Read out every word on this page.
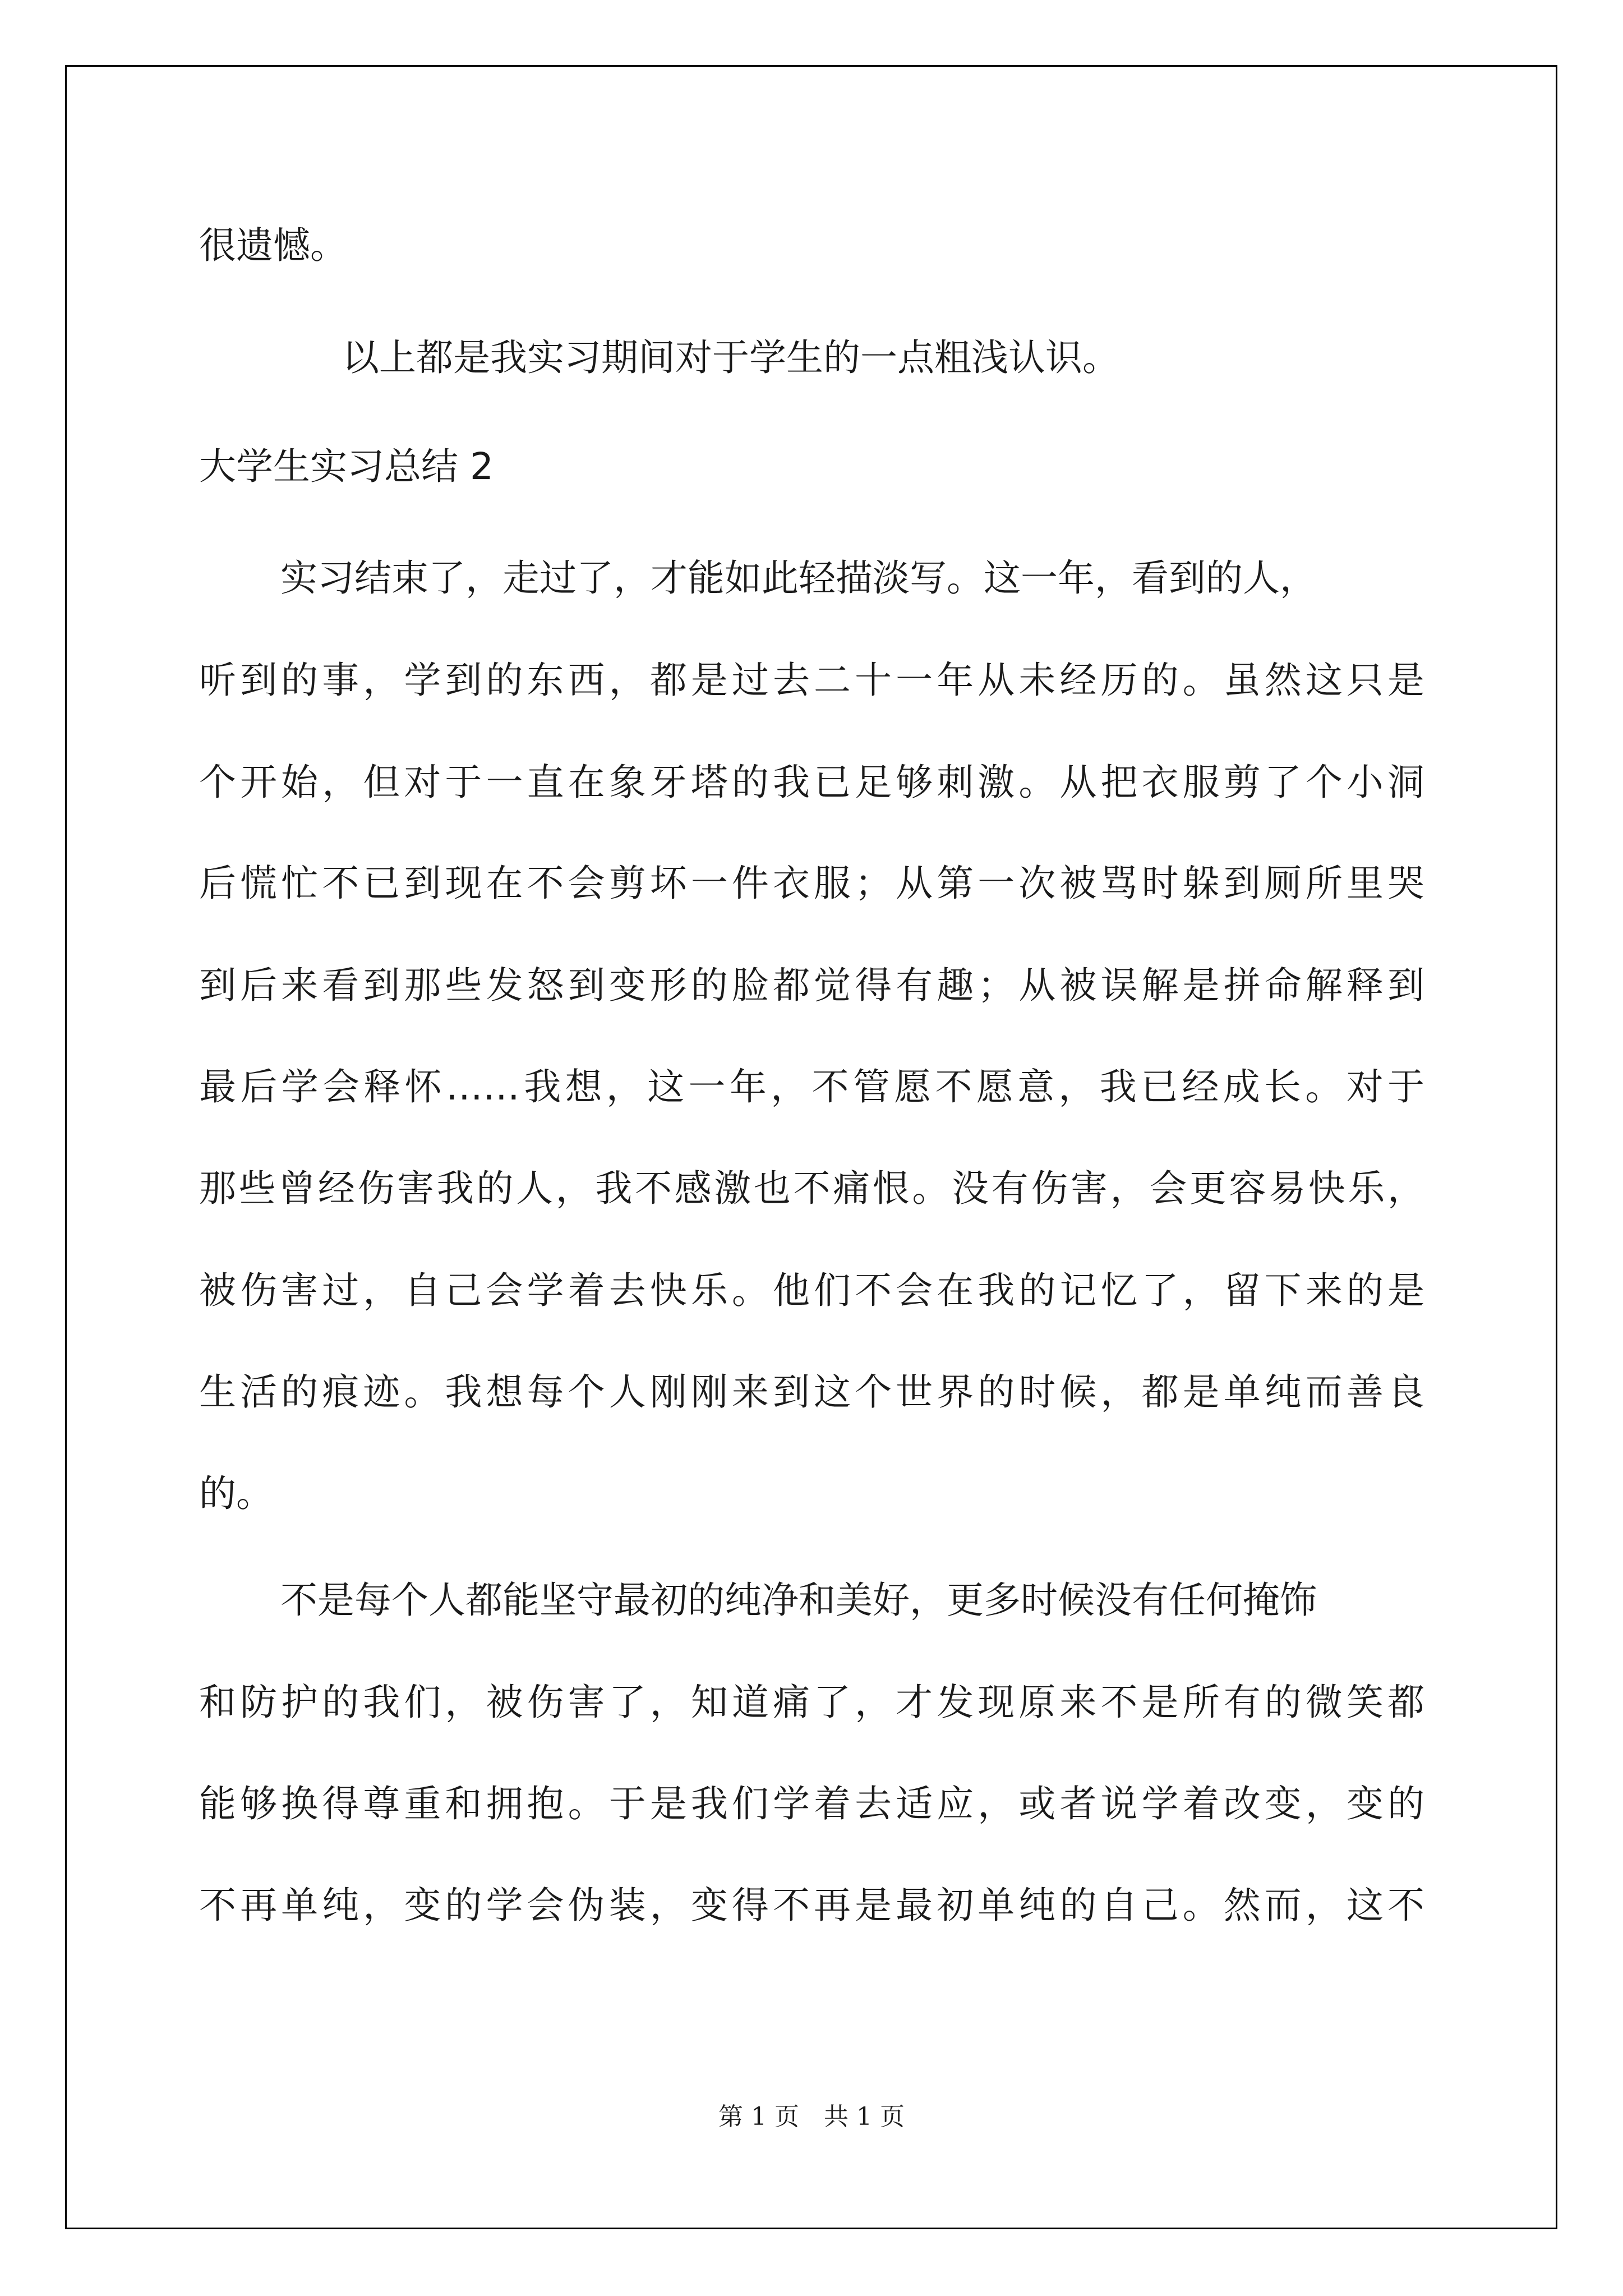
很遗憾。
以上都是我实习期间对于学生的一点粗浅认识。
大学生实习总结 2
实习结束了，走过了，才能如此轻描淡写。这一年，看到的人，
听到的事，学到的东西，都是过去二十一年从未经历的。虽然这只是
个开始，但对于一直在象牙塔的我已足够刺激。从把衣服剪了个小洞
后慌忙不已到现在不会剪坏一件衣服；从第一次被骂时躲到厕所里哭
到后来看到那些发怒到变形的脸都觉得有趣；从被误解是拼命解释到
最后学会释怀……我想，这一年，不管愿不愿意，我已经成长。对于
那些曾经伤害我的人，我不感激也不痛恨。没有伤害，会更容易快乐，
被伤害过，自己会学着去快乐。他们不会在我的记忆了，留下来的是
生活的痕迹。我想每个人刚刚来到这个世界的时候，都是单纯而善良
的。
不是每个人都能坚守最初的纯净和美好，更多时候没有任何掩饰
和防护的我们，被伤害了，知道痛了，才发现原来不是所有的微笑都
能够换得尊重和拥抱。于是我们学着去适应，或者说学着改变，变的
不再单纯，变的学会伪装，变得不再是最初单纯的自己。然而，这不
第 1 页　共 1 页
